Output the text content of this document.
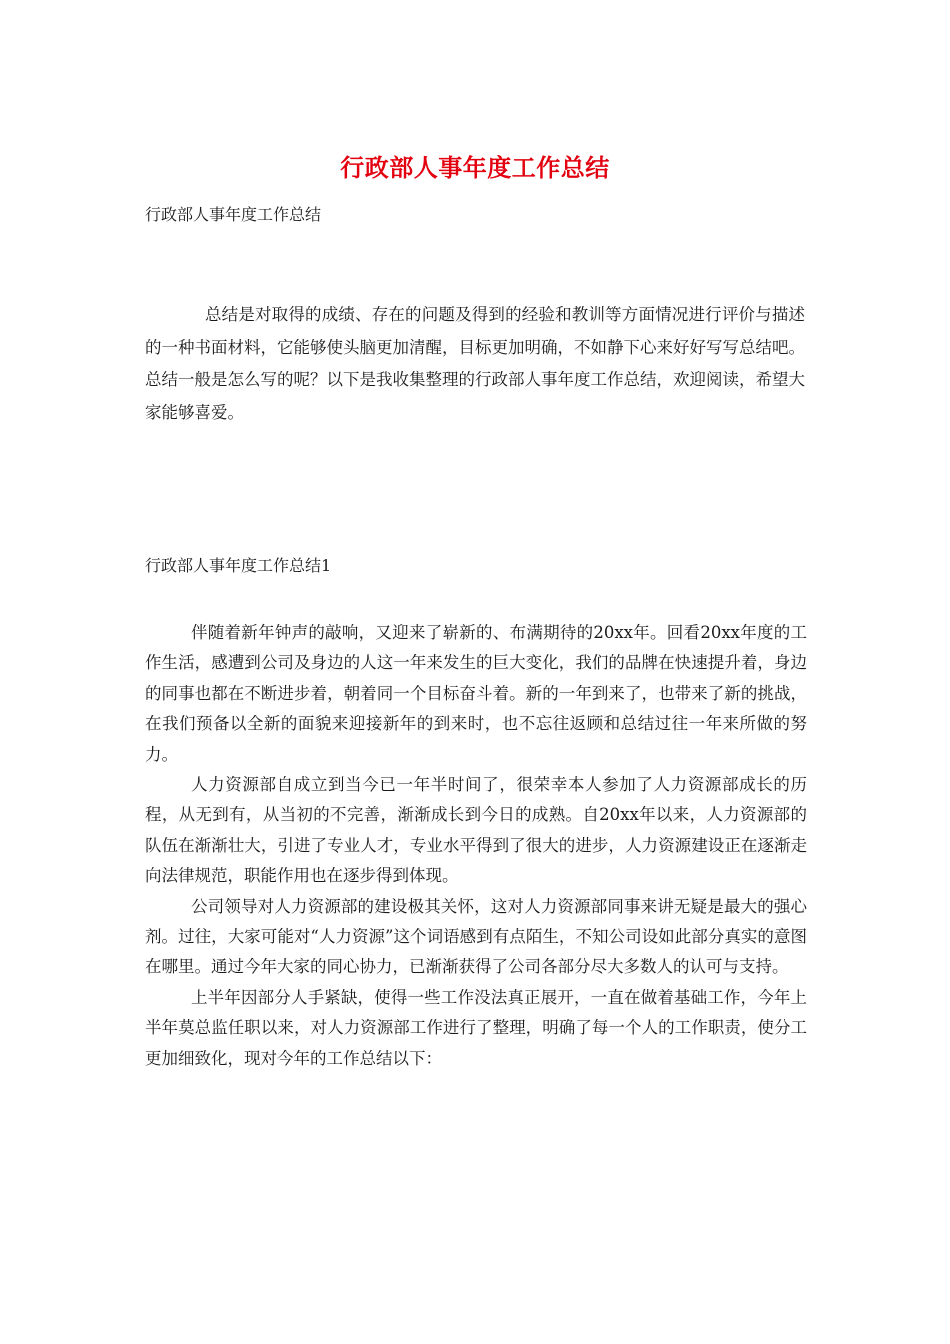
行政部人事年度工作总结
行政部人事年度工作总结

总结是对取得的成绩、存在的问题及得到的经验和教训等方面情况进行评价与描述的一种书面材料，它能够使头脑更加清醒，目标更加明确，不如静下心来好好写写总结吧。总结一般是怎么写的呢？以下是我收集整理的行政部人事年度工作总结，欢迎阅读，希望大家能够喜爱。

行政部人事年度工作总结1

伴随着新年钟声的敲响，又迎来了崭新的、布满期待的20xx年。回看20xx年度的工作生活，感遭到公司及身边的人这一年来发生的巨大变化，我们的品牌在快速提升着，身边的同事也都在不断进步着，朝着同一个目标奋斗着。新的一年到来了，也带来了新的挑战，在我们预备以全新的面貌来迎接新年的到来时，也不忘往返顾和总结过往一年来所做的努力。

人力资源部自成立到当今已一年半时间了，很荣幸本人参加了人力资源部成长的历程，从无到有，从当初的不完善，渐渐成长到今日的成熟。自20xx年以来，人力资源部的队伍在渐渐壮大，引进了专业人才，专业水平得到了很大的进步，人力资源建设正在逐渐走向法律规范，职能作用也在逐步得到体现。

公司领导对人力资源部的建设极其关怀，这对人力资源部同事来讲无疑是最大的强心剂。过往，大家可能对“人力资源”这个词语感到有点陌生，不知公司设如此部分真实的意图在哪里。通过今年大家的同心协力，已渐渐获得了公司各部分尽大多数人的认可与支持。

上半年因部分人手紧缺，使得一些工作没法真正展开，一直在做着基础工作，今年上半年莫总监任职以来，对人力资源部工作进行了整理，明确了每一个人的工作职责，使分工更加细致化，现对今年的工作总结以下：
